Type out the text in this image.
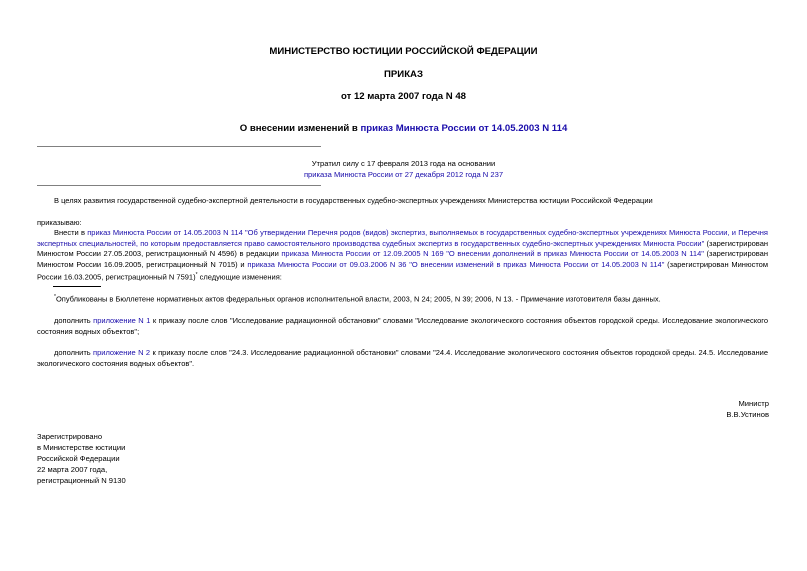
МИНИСТЕРСТВО ЮСТИЦИИ РОССИЙСКОЙ ФЕДЕРАЦИИ
ПРИКАЗ
от 12 марта 2007 года N 48
О внесении изменений в приказ Минюста России от 14.05.2003 N 114
Утратил силу с 17 февраля 2013 года на основании
приказа Минюста России от 27 декабря 2012 года N 237
В целях развития государственной судебно-экспертной деятельности в государственных судебно-экспертных учреждениях Министерства юстиции Российской Федерации
приказываю:
Внести в приказ Минюста России от 14.05.2003 N 114 "Об утверждении Перечня родов (видов) экспертиз, выполняемых в государственных судебно-экспертных учреждениях Минюста России, и Перечня экспертных специальностей, по которым предоставляется право самостоятельного производства судебных экспертиз в государственных судебно-экспертных учреждениях Минюста России" (зарегистрирован Минюстом России 27.05.2003, регистрационный N 4596) в редакции приказа Минюста России от 12.09.2005 N 169 "О внесении дополнений в приказ Минюста России от 14.05.2003 N 114" (зарегистрирован Минюстом России 16.09.2005, регистрационный N 7015) и приказа Минюста России от 09.03.2006 N 36 "О внесении изменений в приказ Минюста России от 14.05.2003 N 114" (зарегистрирован Минюстом России 16.03.2005, регистрационный N 7591)* следующие изменения:
*Опубликованы в Бюллетене нормативных актов федеральных органов исполнительной власти, 2003, N 24; 2005, N 39; 2006, N 13. - Примечание изготовителя базы данных.
дополнить приложение N 1 к приказу после слов "Исследование радиационной обстановки" словами "Исследование экологического состояния объектов городской среды. Исследование экологического состояния водных объектов";
дополнить приложение N 2 к приказу после слов "24.3. Исследование радиационной обстановки" словами "24.4. Исследование экологического состояния объектов городской среды. 24.5. Исследование экологического состояния водных объектов".
Министр
В.В.Устинов
Зарегистрировано
в Министерстве юстиции
Российской Федерации
22 марта 2007 года,
регистрационный N 9130
